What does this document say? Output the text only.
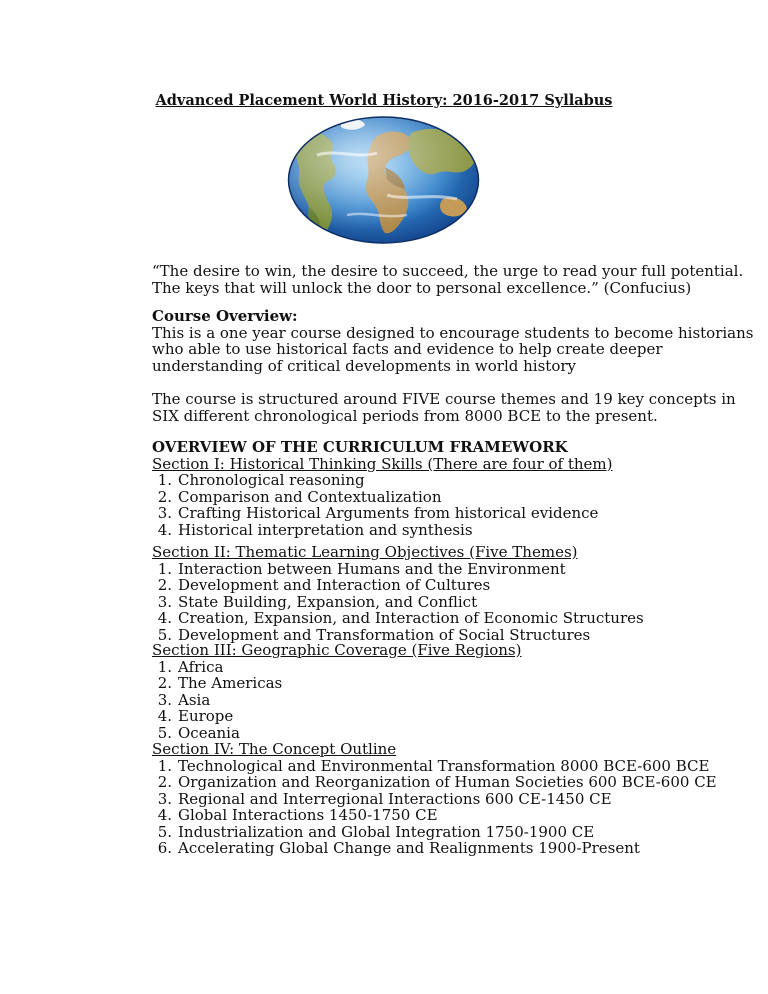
Advanced Placement World History: 2016-2017 Syllabus
“The desire to win, the desire to succeed, the urge to read your full potential.
The keys that will unlock the door to personal excellence.” (Confucius)
Course Overview:
This is a one year course designed to encourage students to become historians
who able to use historical facts and evidence to help create deeper
understanding of critical developments in world history
The course is structured around FIVE course themes and 19 key concepts in
SIX different chronological periods from 8000 BCE to the present.
OVERVIEW OF THE CURRICULUM FRAMEWORK
Section I: Historical Thinking Skills (There are four of them)
1. Chronological reasoning
2. Comparison and Contextualization
3. Crafting Historical Arguments from historical evidence
4. Historical interpretation and synthesis
Section II: Thematic Learning Objectives (Five Themes)
1. Interaction between Humans and the Environment
2. Development and Interaction of Cultures
3. State Building, Expansion, and Conflict
4. Creation, Expansion, and Interaction of Economic Structures
5. Development and Transformation of Social Structures
Section III: Geographic Coverage (Five Regions)
1. Africa
2. The Americas
3. Asia
4. Europe
5. Oceania
Section IV: The Concept Outline
1. Technological and Environmental Transformation 8000 BCE-600 BCE
2. Organization and Reorganization of Human Societies 600 BCE-600 CE
3. Regional and Interregional Interactions 600 CE-1450 CE
4. Global Interactions 1450-1750 CE
5. Industrialization and Global Integration 1750-1900 CE
6. Accelerating Global Change and Realignments 1900-Present
